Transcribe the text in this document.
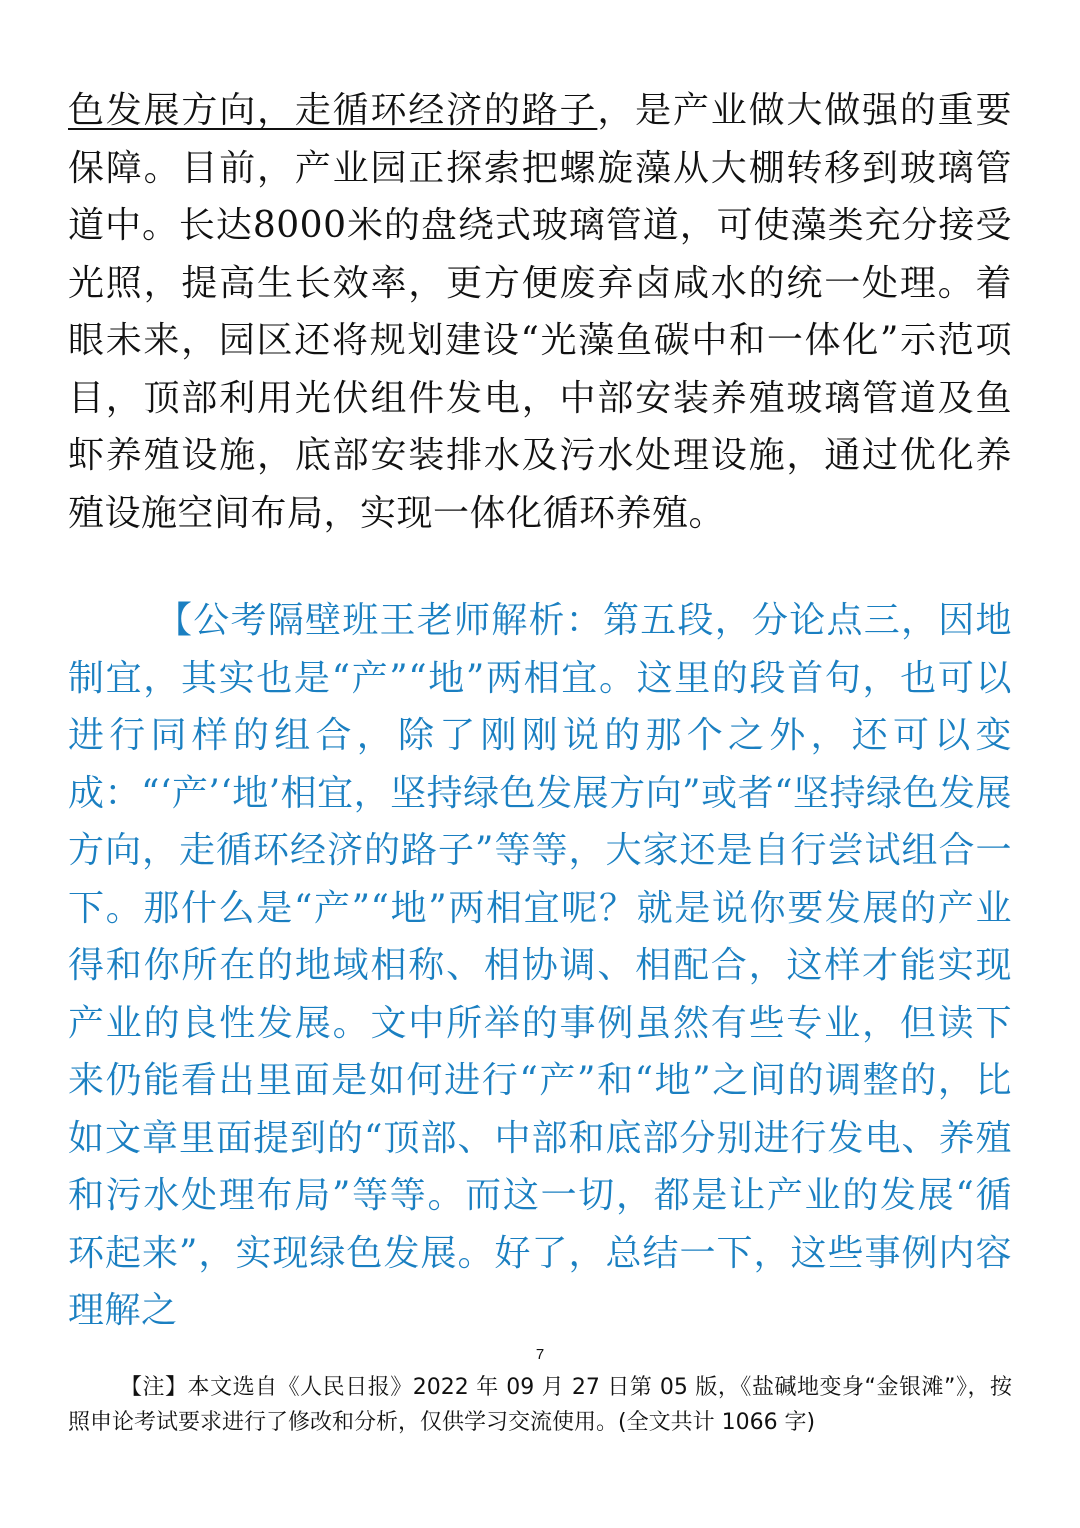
色发展方向，走循环经济的路子，是产业做大做强的重要保障。目前，产业园正探索把螺旋藻从大棚转移到玻璃管道中。长达8000米的盘绕式玻璃管道，可使藻类充分接受光照，提高生长效率，更方便废弃卤咸水的统一处理。着眼未来，园区还将规划建设“光藻鱼碳中和一体化”示范项目，顶部利用光伏组件发电，中部安装养殖玻璃管道及鱼虾养殖设施，底部安装排水及污水处理设施，通过优化养殖设施空间布局，实现一体化循环养殖。

【公考隔壁班王老师解析：第五段，分论点三，因地制宜，其实也是“产”“地”两相宜。这里的段首句，也可以进行同样的组合，除了刚刚说的那个之外，还可以变成：“‘产’‘地’相宜，坚持绿色发展方向”或者“坚持绿色发展方向，走循环经济的路子”等等，大家还是自行尝试组合一下。那什么是“产”“地”两相宜呢？就是说你要发展的产业得和你所在的地域相称、相协调、相配合，这样才能实现产业的良性发展。文中所举的事例虽然有些专业，但读下来仍能看出里面是如何进行“产”和“地”之间的调整的，比如文章里面提到的“顶部、中部和底部分别进行发电、养殖和污水处理布局”等等。而这一切，都是让产业的发展“循环起来”，实现绿色发展。好了，总结一下，这些事例内容理解之

7

【注】本文选自《人民日报》2022 年 09 月 27 日第 05 版，《盐碱地变身“金银滩”》，按照申论考试要求进行了修改和分析，仅供学习交流使用。(全文共计 1066 字)
